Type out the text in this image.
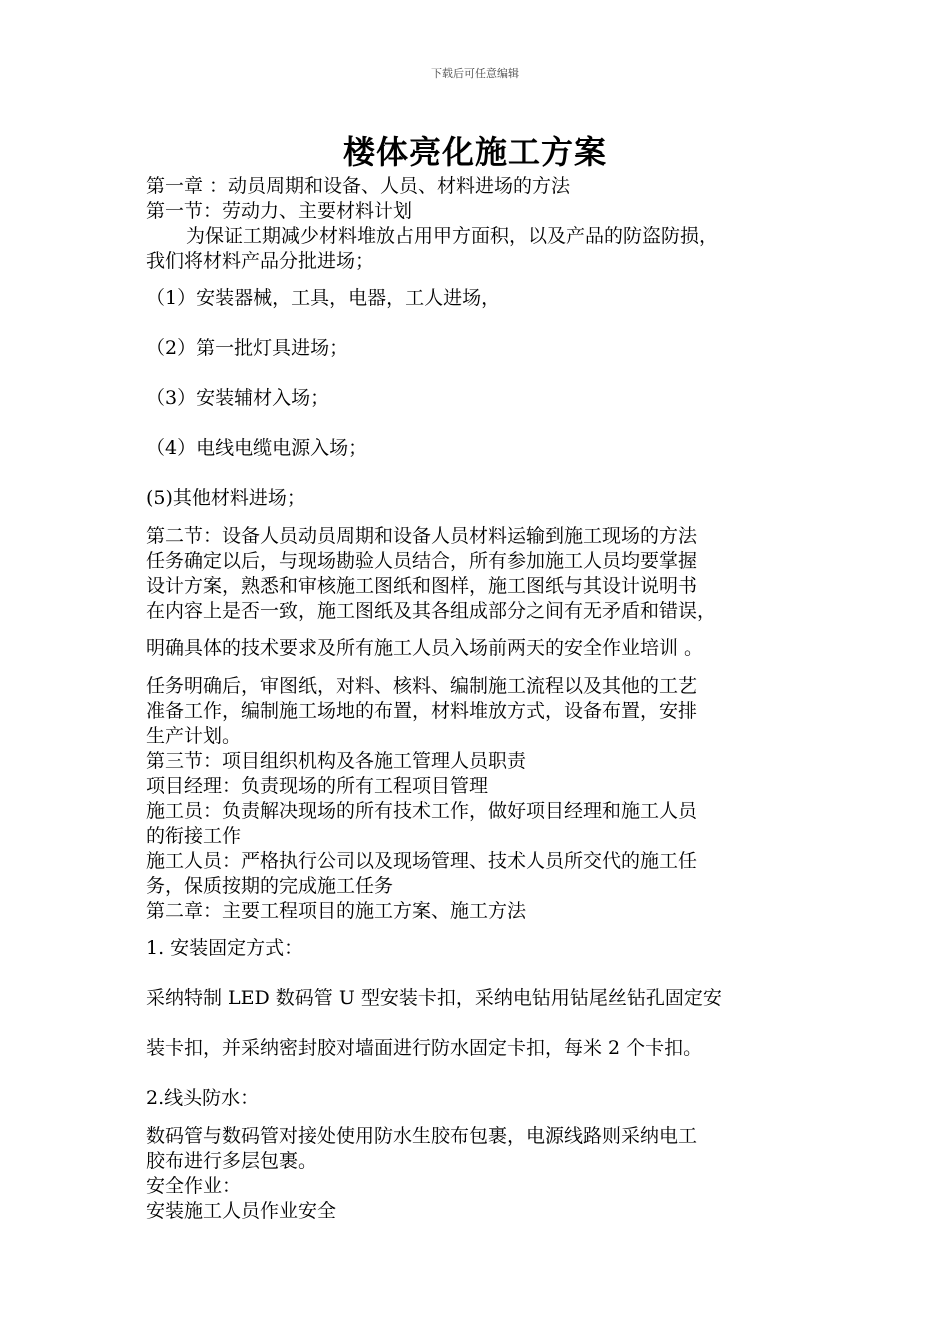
下载后可任意编辑
楼体亮化施工方案
第一章 ：动员周期和设备、人员、材料进场的方法
第一节：劳动力、主要材料计划
为保证工期减少材料堆放占用甲方面积，以及产品的防盗防损，
我们将材料产品分批进场；
（1）安装器械，工具，电器，工人进场，
（2）第一批灯具进场；
（3）安装辅材入场；
（4）电线电缆电源入场；
(5)其他材料进场；
第二节：设备人员动员周期和设备人员材料运输到施工现场的方法
任务确定以后，与现场勘验人员结合，所有参加施工人员均要掌握
设计方案，熟悉和审核施工图纸和图样，施工图纸与其设计说明书
在内容上是否一致，施工图纸及其各组成部分之间有无矛盾和错误，
明确具体的技术要求及所有施工人员入场前两天的安全作业培训 。
任务明确后，审图纸，对料、核料、编制施工流程以及其他的工艺
准备工作，编制施工场地的布置，材料堆放方式，设备布置，安排
生产计划。
第三节：项目组织机构及各施工管理人员职责
项目经理：负责现场的所有工程项目管理
施工员：负责解决现场的所有技术工作，做好项目经理和施工人员
的衔接工作
施工人员：严格执行公司以及现场管理、技术人员所交代的施工任
务，保质按期的完成施工任务
第二章：主要工程项目的施工方案、施工方法
1. 安装固定方式：
采纳特制 LED 数码管 U 型安装卡扣，采纳电钻用钻尾丝钻孔固定安
装卡扣，并采纳密封胶对墙面进行防水固定卡扣，每米 2 个卡扣。
2.线头防水：
数码管与数码管对接处使用防水生胶布包裹，电源线路则采纳电工
胶布进行多层包裹。
安全作业：
安装施工人员作业安全
